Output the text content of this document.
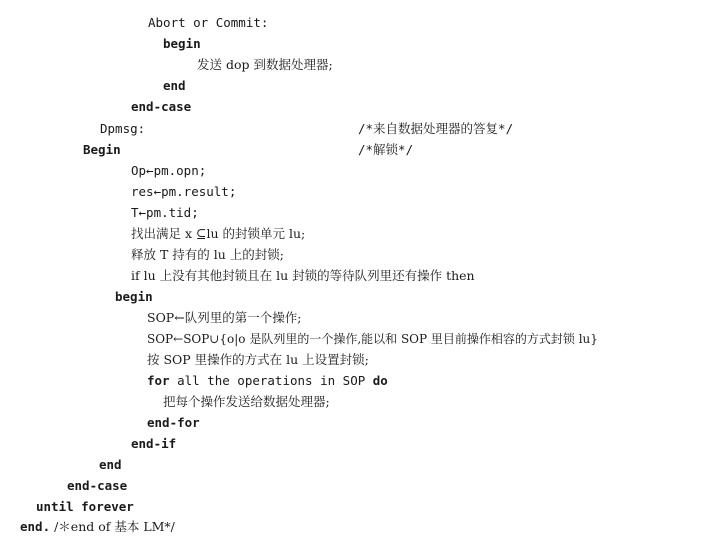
Abort or Commit:
begin
发送 dop 到数据处理器;
end
end-case
Dpmsg:	/*来自数据处理器的答复*/
Begin	/*解锁*/
Op←pm.opn;
res←pm.result;
T←pm.tid;
找出满足 x ⊆lu 的封锁单元 lu;
释放 T 持有的 lu 上的封锁;
if lu 上没有其他封锁且在 lu 封锁的等待队列里还有操作 then
begin
SOP←队列里的第一个操作;
SOP←SOP∪{o|o 是队列里的一个操作,能以和 SOP 里目前操作相容的方式封锁 lu}
按 SOP 里操作的方式在 lu 上设置封锁;
for all the operations in SOP do
把每个操作发送给数据处理器;
end-for
end-if
end
end-case
until forever
end. /＊end of 基本 LM*/
